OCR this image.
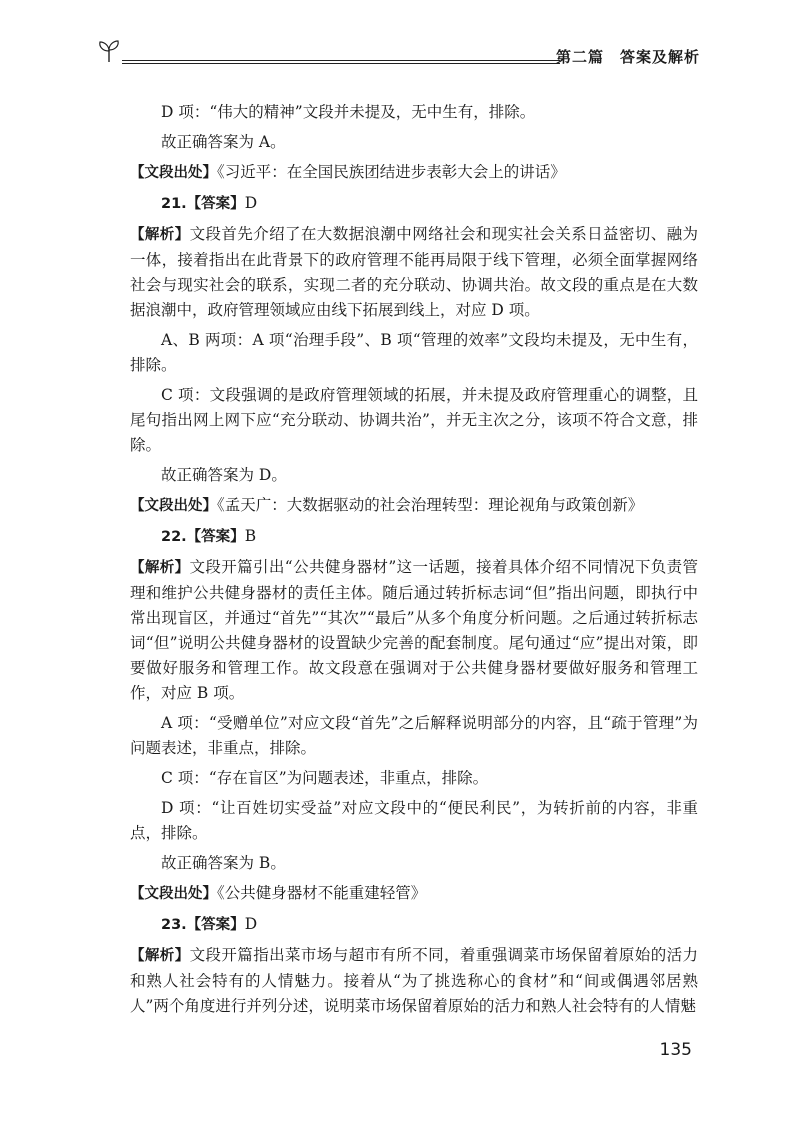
第二篇　答案及解析

D 项：“伟大的精神”文段并未提及，无中生有，排除。

故正确答案为 A。

【文段出处】《习近平：在全国民族团结进步表彰大会上的讲话》

21.【答案】D

【解析】文段首先介绍了在大数据浪潮中网络社会和现实社会关系日益密切、融为一体，接着指出在此背景下的政府管理不能再局限于线下管理，必须全面掌握网络社会与现实社会的联系，实现二者的充分联动、协调共治。故文段的重点是在大数据浪潮中，政府管理领域应由线下拓展到线上，对应 D 项。

A、B 两项：A 项“治理手段”、B 项“管理的效率”文段均未提及，无中生有，排除。

C 项：文段强调的是政府管理领域的拓展，并未提及政府管理重心的调整，且尾句指出网上网下应“充分联动、协调共治”，并无主次之分，该项不符合文意，排除。

故正确答案为 D。

【文段出处】《孟天广：大数据驱动的社会治理转型：理论视角与政策创新》

22.【答案】B

【解析】文段开篇引出“公共健身器材”这一话题，接着具体介绍不同情况下负责管理和维护公共健身器材的责任主体。随后通过转折标志词“但”指出问题，即执行中常出现盲区，并通过“首先”“其次”“最后”从多个角度分析问题。之后通过转折标志词“但”说明公共健身器材的设置缺少完善的配套制度。尾句通过“应”提出对策，即要做好服务和管理工作。故文段意在强调对于公共健身器材要做好服务和管理工作，对应 B 项。

A 项：“受赠单位”对应文段“首先”之后解释说明部分的内容，且“疏于管理”为问题表述，非重点，排除。

C 项：“存在盲区”为问题表述，非重点，排除。

D 项：“让百姓切实受益”对应文段中的“便民利民”，为转折前的内容，非重点，排除。

故正确答案为 B。

【文段出处】《公共健身器材不能重建轻管》

23.【答案】D

【解析】文段开篇指出菜市场与超市有所不同，着重强调菜市场保留着原始的活力和熟人社会特有的人情魅力。接着从“为了挑选称心的食材”和“间或偶遇邻居熟人”两个角度进行并列分述，说明菜市场保留着原始的活力和熟人社会特有的人情魅

135
